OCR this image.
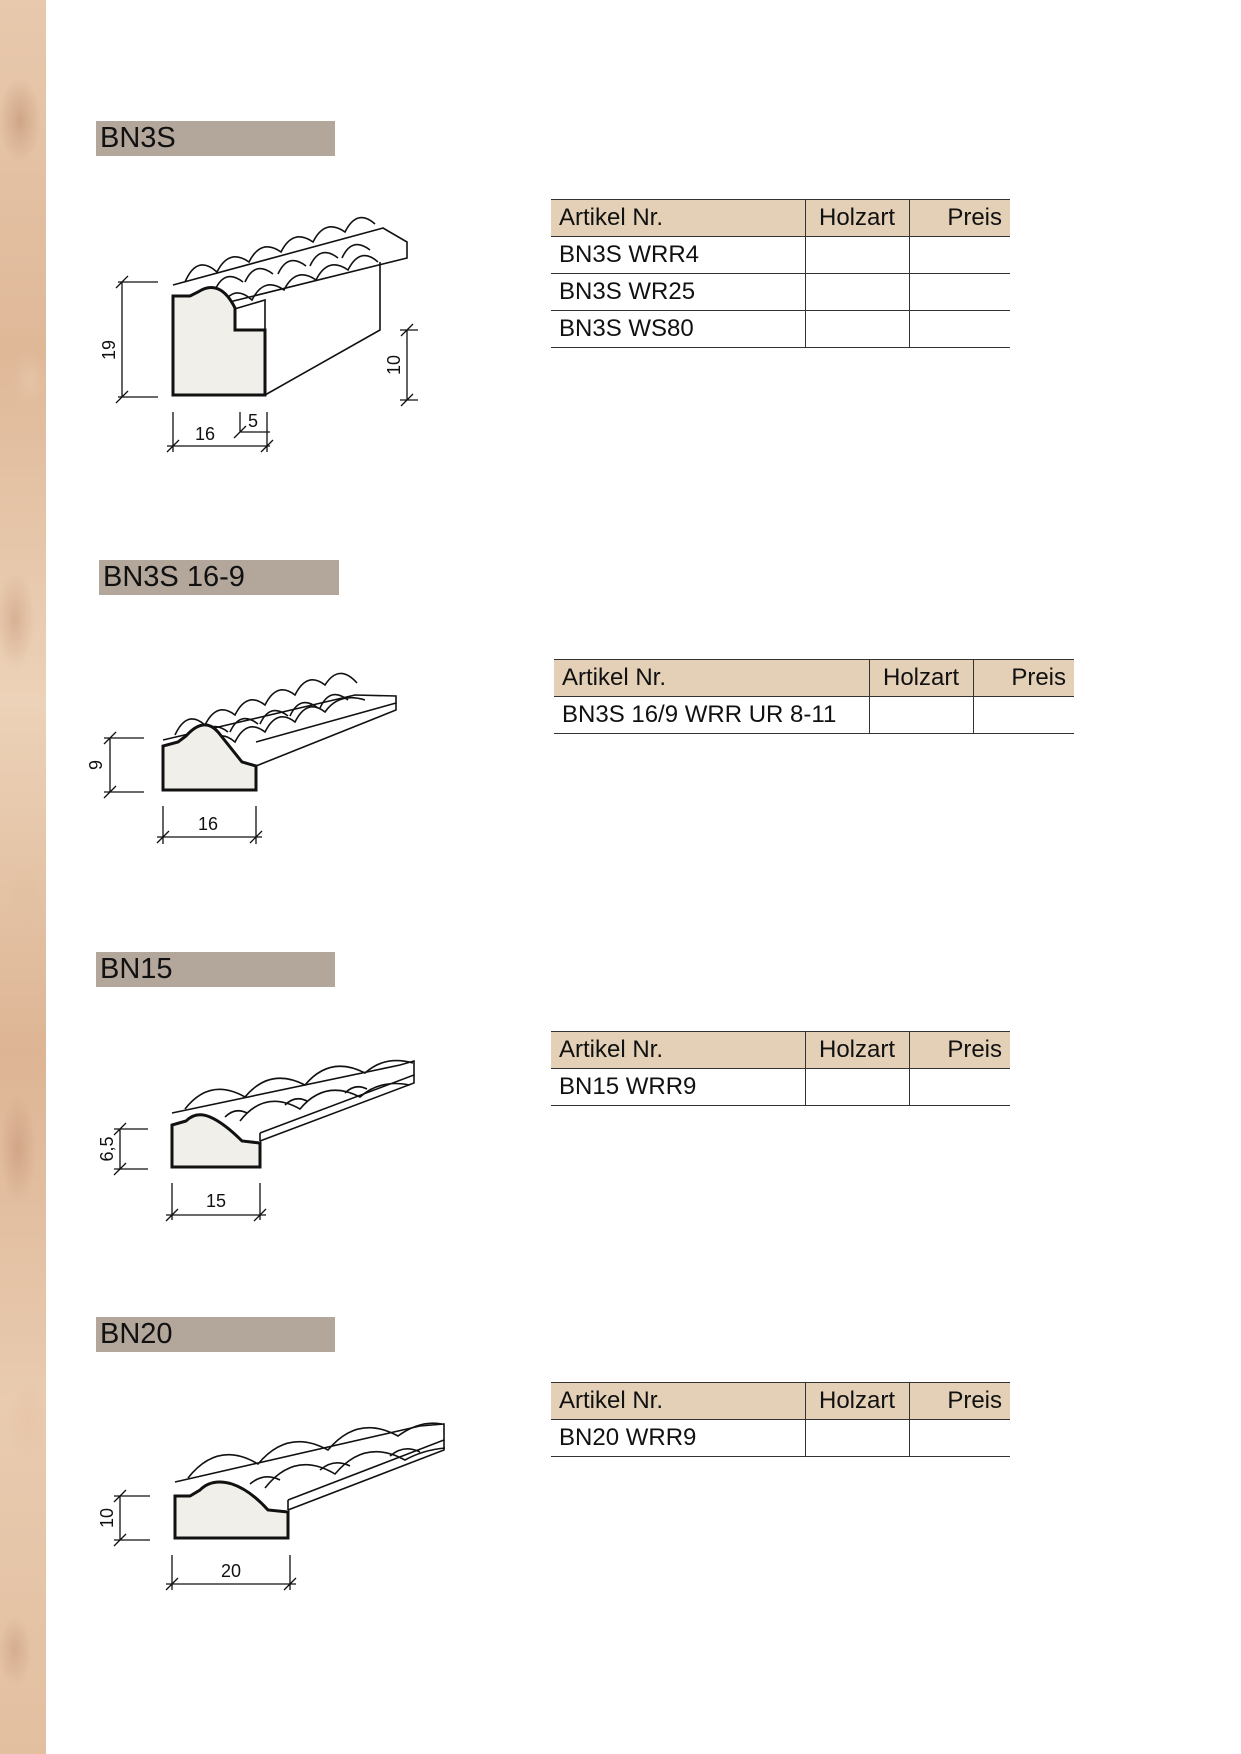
BN3S
19
10
16
5
Artikel Nr.	Holzart	Preis
BN3S WRR4		
BN3S WR25		
BN3S WS80		
BN3S 16-9
9
16
Artikel Nr.	Holzart	Preis
BN3S 16/9 WRR UR 8-11		
BN15
6,5
15
Artikel Nr.	Holzart	Preis
BN15 WRR9		
BN20
10
20
Artikel Nr.	Holzart	Preis
BN20 WRR9		
